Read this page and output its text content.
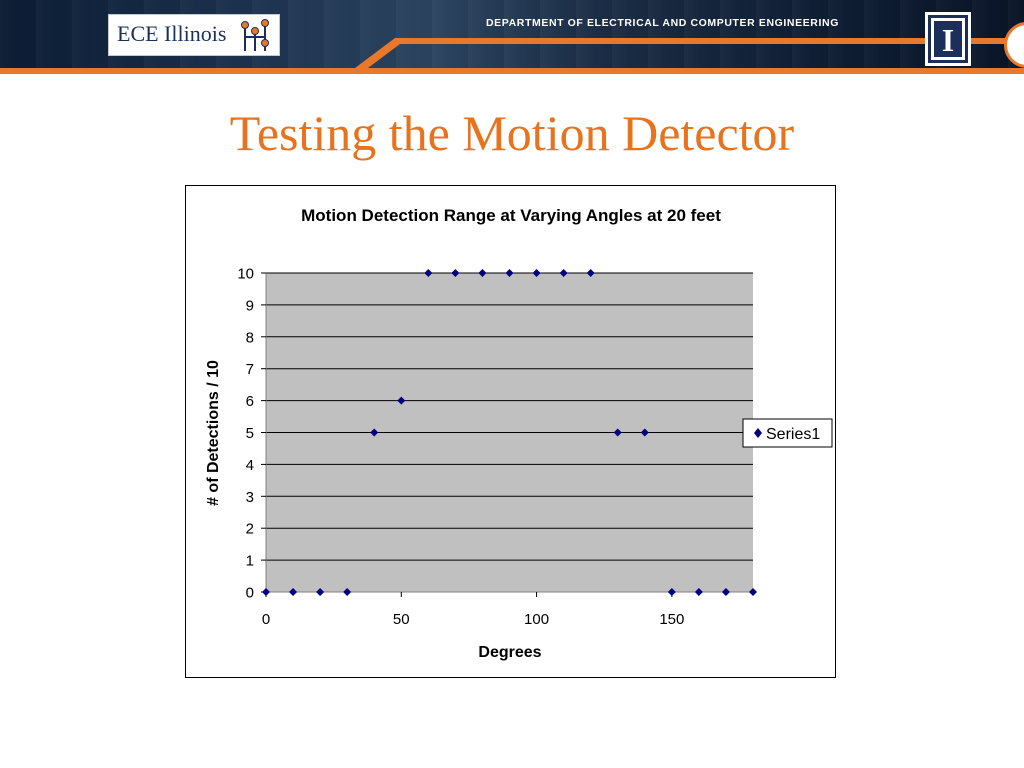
ECE Illinois	DEPARTMENT OF ELECTRICAL AND COMPUTER ENGINEERING	I
Testing the Motion Detector
Motion Detection Range at Varying Angles at 20 feet
0
1
2
3
4
5
6
7
8
9
10
0	50	100	150
Degrees
# of Detections / 10	Series1
